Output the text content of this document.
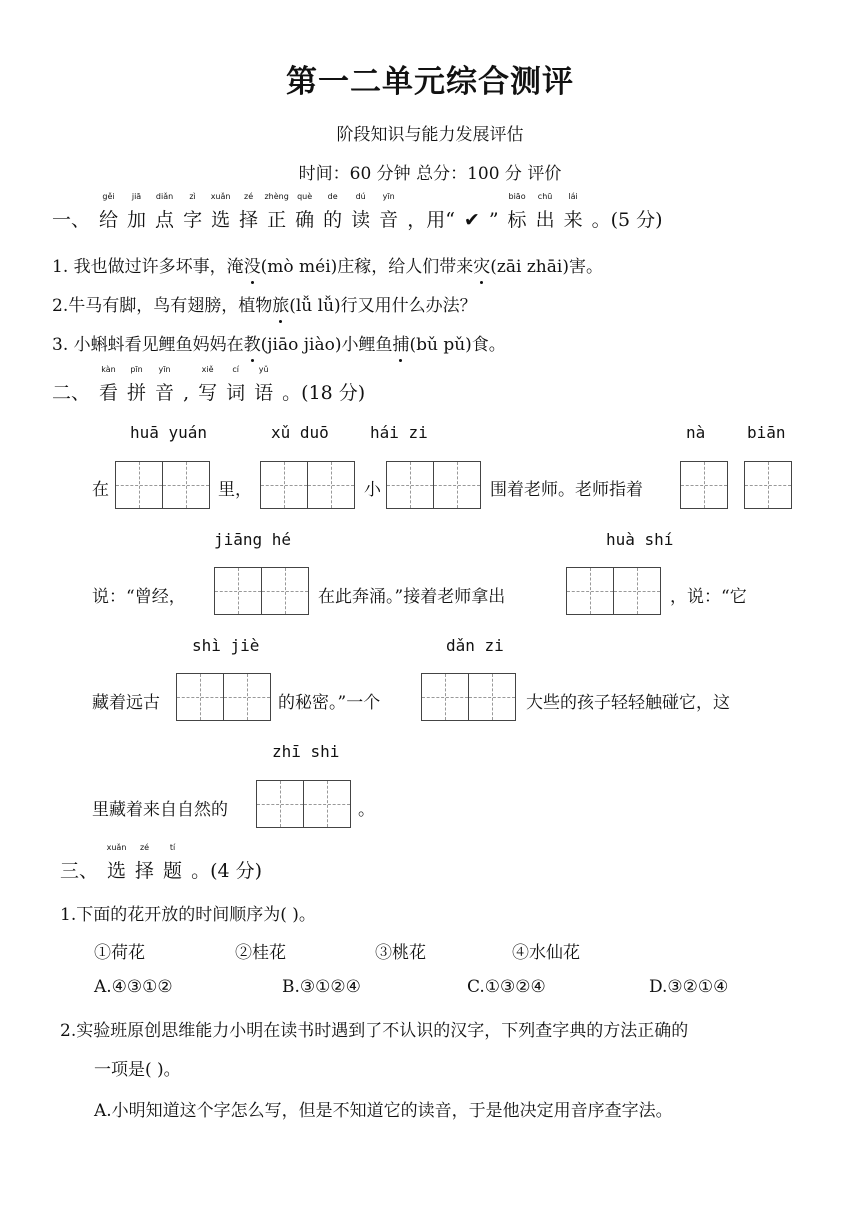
第一二单元综合测评
阶段知识与能力发展评估
时间：60 分钟 总分：100 分 评价
一、
gěi
给
jiā
加
diǎn
点
zì
字
xuǎn
选
zé
择
zhèng
正
què
确
de
的
dú
读
yīn
音 ，用“ ✔ ”
biāo
标
chū
出
lái
来 。(5 分)
1. 我也做过许多坏事，淹没(mò méi)庄稼，给人们带来灾(zāi zhāi)害。
2.牛马有脚，鸟有翅膀，植物旅(lǚ lǚ)行又用什么办法？
3. 小蝌蚪看见鲤鱼妈妈在教(jiāo jiào)小鲤鱼捕(bǔ pǔ)食。
二、
kàn
看
pīn
拼
yīn
音 ,
xiě
写
cí
词
yǔ
语 。(18 分)
huā yuán	xǔ duō	hái zi	nà	biān
在	里，	小	围着老师。老师指着
jiāng hé	huà shí
说：“曾经，	在此奔涌。”接着老师拿出	，说：“它
shì jiè	dǎn zi
藏着远古	的秘密。”一个	大些的孩子轻轻触碰它，这
zhī shi
里藏着来自自然的	。
三、
xuǎn
选
zé
择
tí
题 。(4 分)
1.下面的花开放的时间顺序为( )。
①荷花	②桂花	③桃花	④水仙花
A.④③①②	B.③①②④	C.①③②④	D.③②①④
2.实验班原创思维能力小明在读书时遇到了不认识的汉字，下列查字典的方法正确的
一项是( )。
A.小明知道这个字怎么写，但是不知道它的读音，于是他决定用音序查字法。
